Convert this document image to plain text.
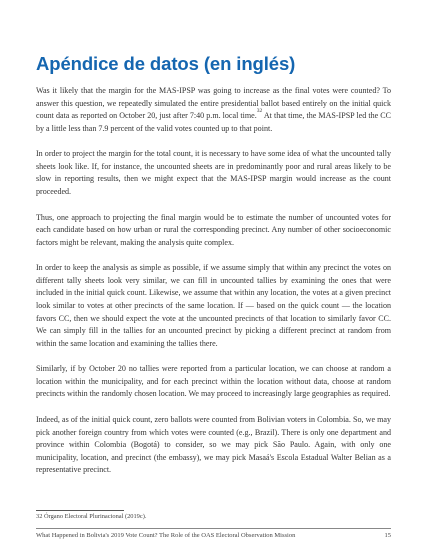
Apéndice de datos (en inglés)

Was it likely that the margin for the MAS-IPSP was going to increase as the final votes were counted? To answer this question, we repeatedly simulated the entire presidential ballot based entirely on the initial quick count data as reported on October 20, just after 7:40 p.m. local time.$^{32}$ At that time, the MAS-IPSP led the CC by a little less than 7.9 percent of the valid votes counted up to that point.

In order to project the margin for the total count, it is necessary to have some idea of what the uncounted tally sheets look like. If, for instance, the uncounted sheets are in predominantly poor and rural areas likely to be slow in reporting results, then we might expect that the MAS-IPSP margin would increase as the count proceeded.

Thus, one approach to projecting the final margin would be to estimate the number of uncounted votes for each candidate based on how urban or rural the corresponding precinct. Any number of other socioeconomic factors might be relevant, making the analysis quite complex.

In order to keep the analysis as simple as possible, if we assume simply that within any precinct the votes on different tally sheets look very similar, we can fill in uncounted tallies by examining the ones that were included in the initial quick count. Likewise, we assume that within any location, the votes at a given precinct look similar to votes at other precincts of the same location. If — based on the quick count — the location favors CC, then we should expect the vote at the uncounted precincts of that location to similarly favor CC. We can simply fill in the tallies for an uncounted precinct by picking a different precinct at random from within the same location and examining the tallies there.

Similarly, if by October 20 no tallies were reported from a particular location, we can choose at random a location within the municipality, and for each precinct within the location without data, choose at random precincts within the randomly chosen location. We may proceed to increasingly large geographies as required.

Indeed, as of the initial quick count, zero ballots were counted from Bolivian voters in Colombia. So, we may pick another foreign country from which votes were counted (e.g., Brazil). There is only one department and province within Colombia (Bogotá) to consider, so we may pick São Paulo. Again, with only one municipality, location, and precinct (the embassy), we may pick Masaá's Escola Estadual Walter Belian as a representative precinct.

32 Órgano Electoral Plurinacional (2019c).
What Happened in Bolivia's 2019 Vote Count? The Role of the OAS Electoral Observation Mission	15
